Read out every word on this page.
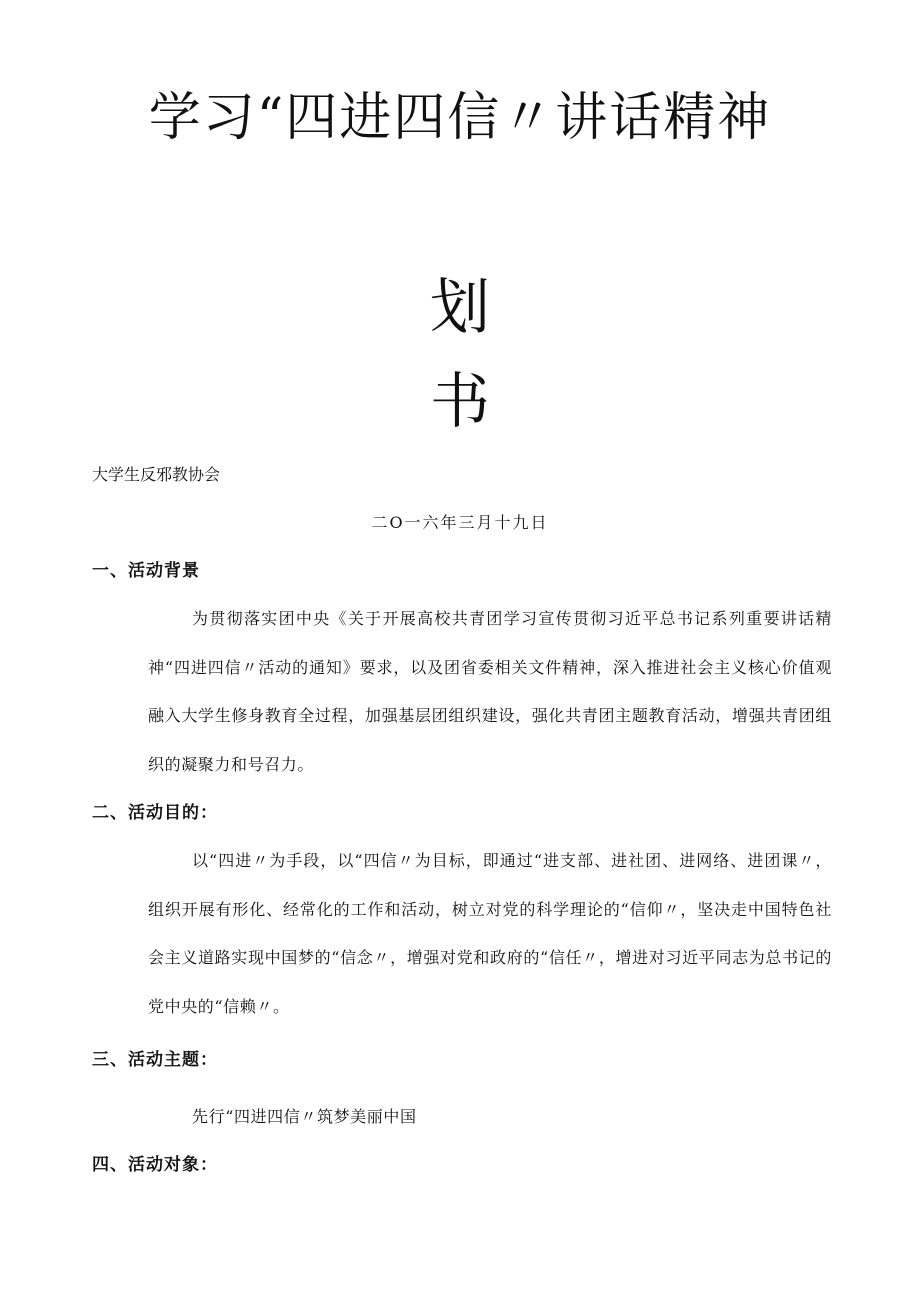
学习“四进四信〃讲话精神
划
书
大学生反邪教协会
二O一六年三月十九日
一、活动背景
为贯彻落实团中央《关于开展高校共青团学习宣传贯彻习近平总书记系列重要讲话精神“四进四信〃活动的通知》要求，以及团省委相关文件精神，深入推进社会主义核心价值观融入大学生修身教育全过程，加强基层团组织建设，强化共青团主题教育活动，增强共青团组织的凝聚力和号召力。
二、活动目的：
以“四进〃为手段，以“四信〃为目标，即通过“进支部、进社团、进网络、进团课〃，组织开展有形化、经常化的工作和活动，树立对党的科学理论的“信仰〃，坚决走中国特色社会主义道路实现中国梦的“信念〃，增强对党和政府的“信任〃，增进对习近平同志为总书记的党中央的“信赖〃。
三、活动主题：
先行“四进四信〃筑梦美丽中国
四、活动对象：
